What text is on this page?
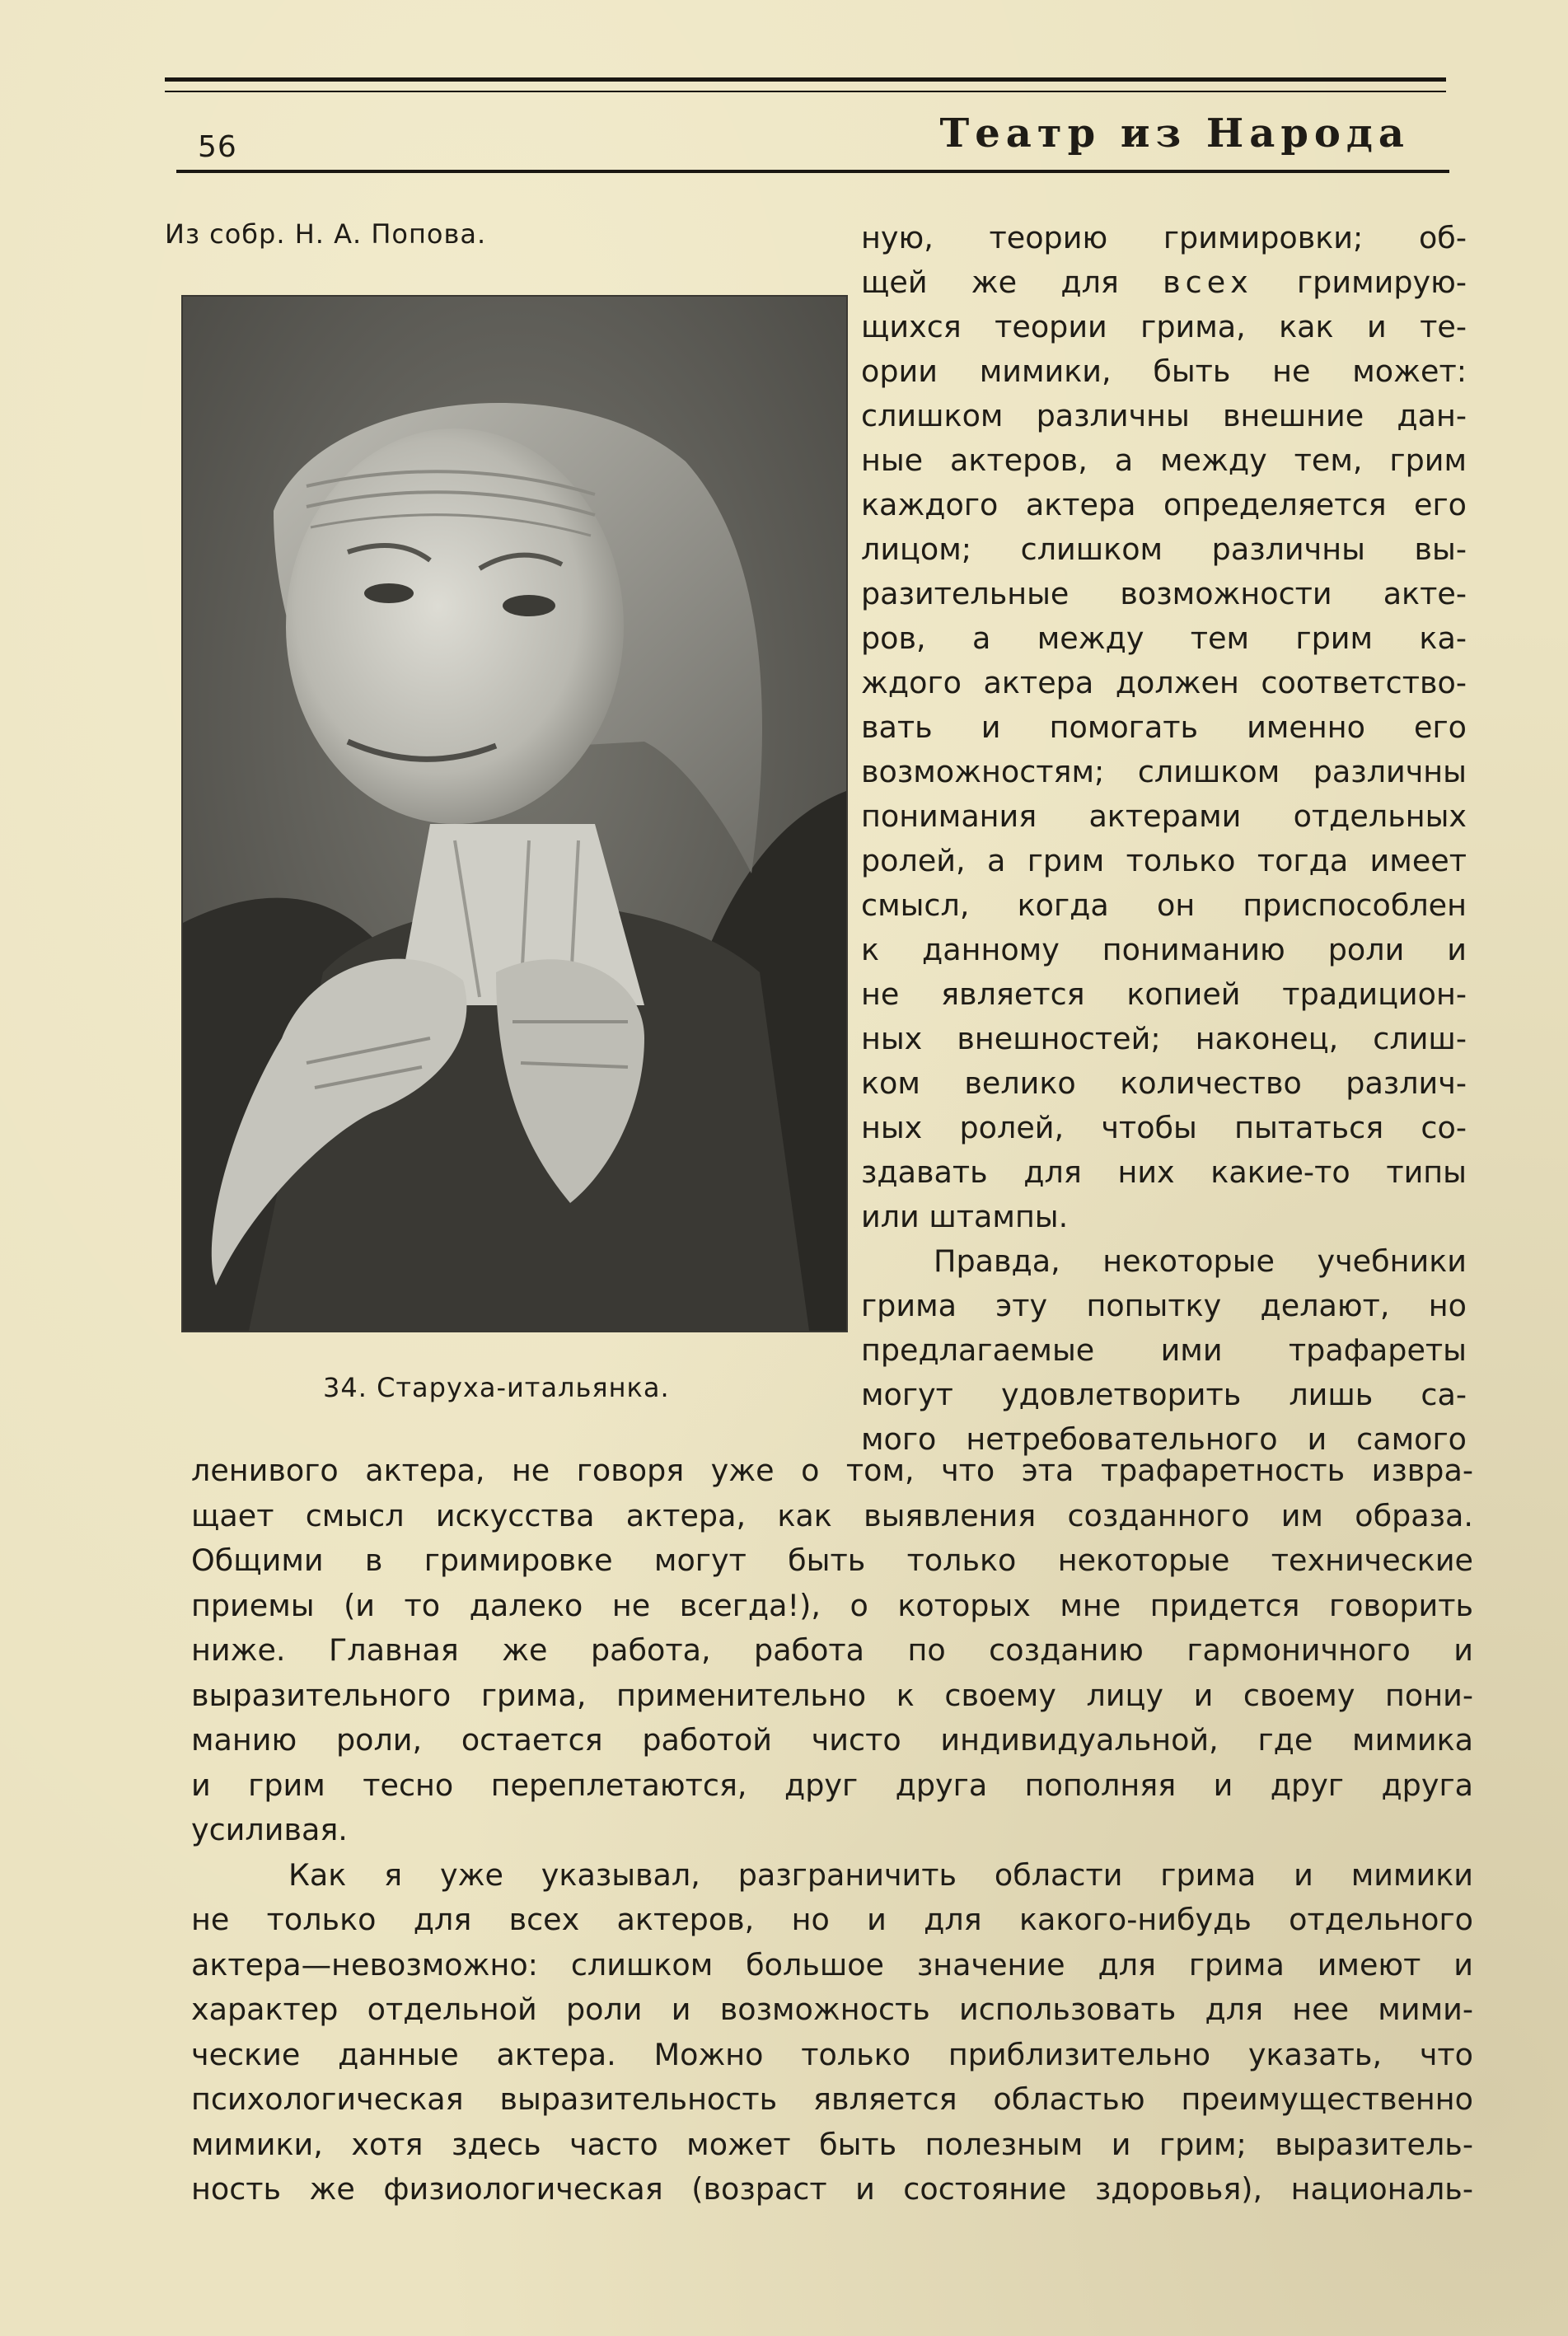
56	Театр из Народа
Из собр. Н. А. Попова.
34. Старуха-итальянка.
ную, теорию гримировки; об-
щей же для всех гримирую-
щихся теории грима, как и те-
ории мимики, быть не может:
слишком различны внешние дан-
ные актеров, а между тем, грим
каждого актера определяется его
лицом; слишком различны вы-
разительные возможности акте-
ров, а между тем грим ка-
ждого актера должен соответство-
вать и помогать именно его
возможностям; слишком различны
понимания актерами отдельных
ролей, а грим только тогда имеет
смысл, когда он приспособлен
к данному пониманию роли и
не является копией традицион-
ных внешностей; наконец, слиш-
ком велико количество различ-
ных ролей, чтобы пытаться со-
здавать для них какие-то типы
или штампы.
Правда, некоторые учебники
грима эту попытку делают, но
предлагаемые ими трафареты
могут удовлетворить лишь са-
мого нетребовательного и самого
ленивого актера, не говоря уже о том, что эта трафаретность извра-
щает смысл искусства актера, как выявления созданного им образа.
Общими в гримировке могут быть только некоторые технические
приемы (и то далеко не всегда!), о которых мне придется говорить
ниже. Главная же работа, работа по созданию гармоничного и
выразительного грима, применительно к своему лицу и своему пони-
манию роли, остается работой чисто индивидуальной, где мимика
и грим тесно переплетаются, друг друга пополняя и друг друга
усиливая.
Как я уже указывал, разграничить области грима и мимики
не только для всех актеров, но и для какого-нибудь отдельного
актера—невозможно: слишком большое значение для грима имеют и
характер отдельной роли и возможность использовать для нее мими-
ческие данные актера. Можно только приблизительно указать, что
психологическая выразительность является областью преимущественно
мимики, хотя здесь часто может быть полезным и грим; выразитель-
ность же физиологическая (возраст и состояние здоровья), националь-
